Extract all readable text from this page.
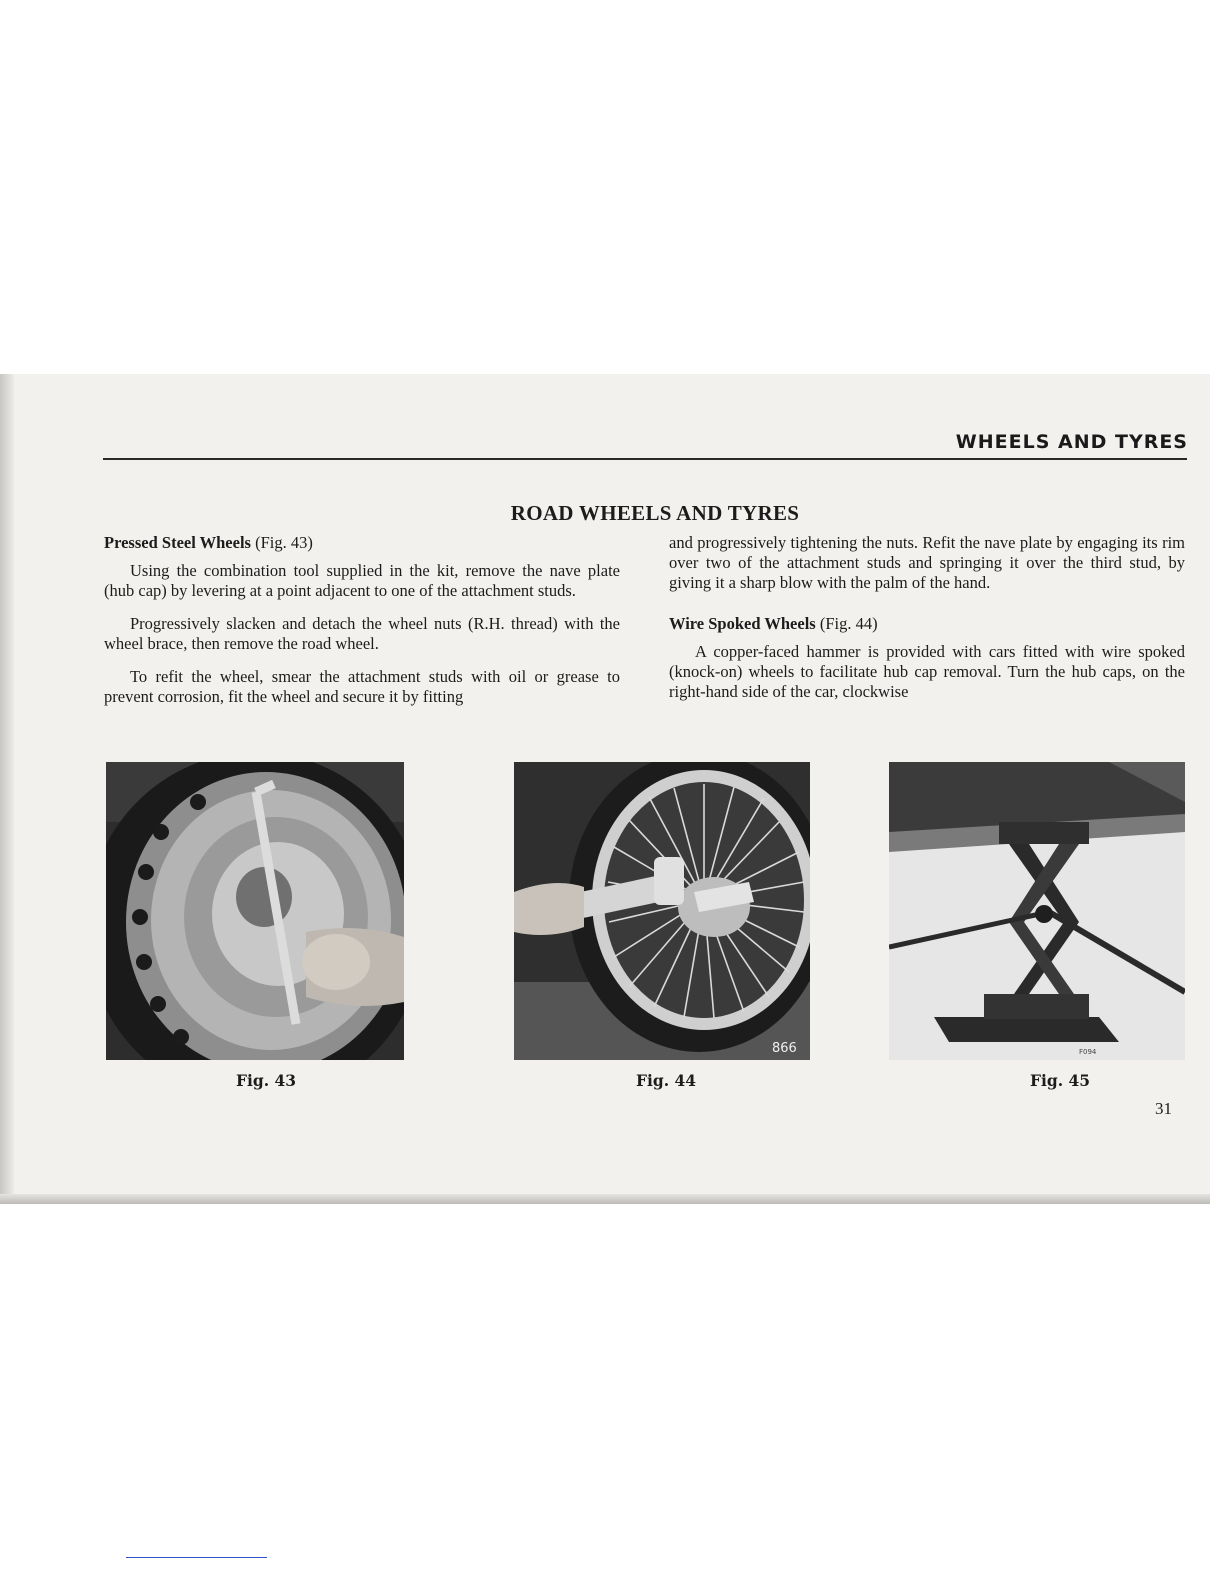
WHEELS AND TYRES
ROAD WHEELS AND TYRES
Pressed Steel Wheels (Fig. 43)

Using the combination tool supplied in the kit, remove the nave plate (hub cap) by levering at a point adjacent to one of the attachment studs.

Progressively slacken and detach the wheel nuts (R.H. thread) with the wheel brace, then remove the road wheel.

To refit the wheel, smear the attachment studs with oil or grease to prevent corrosion, fit the wheel and secure it by fitting

and progressively tightening the nuts. Refit the nave plate by engaging its rim over two of the attachment studs and springing it over the third stud, by giving it a sharp blow with the palm of the hand.

Wire Spoked Wheels (Fig. 44)

A copper-faced hammer is provided with cars fitted with wire spoked (knock-on) wheels to facilitate hub cap removal. Turn the hub caps, on the right-hand side of the car, clockwise

866	F094
Fig. 43	Fig. 44	Fig. 45
31
